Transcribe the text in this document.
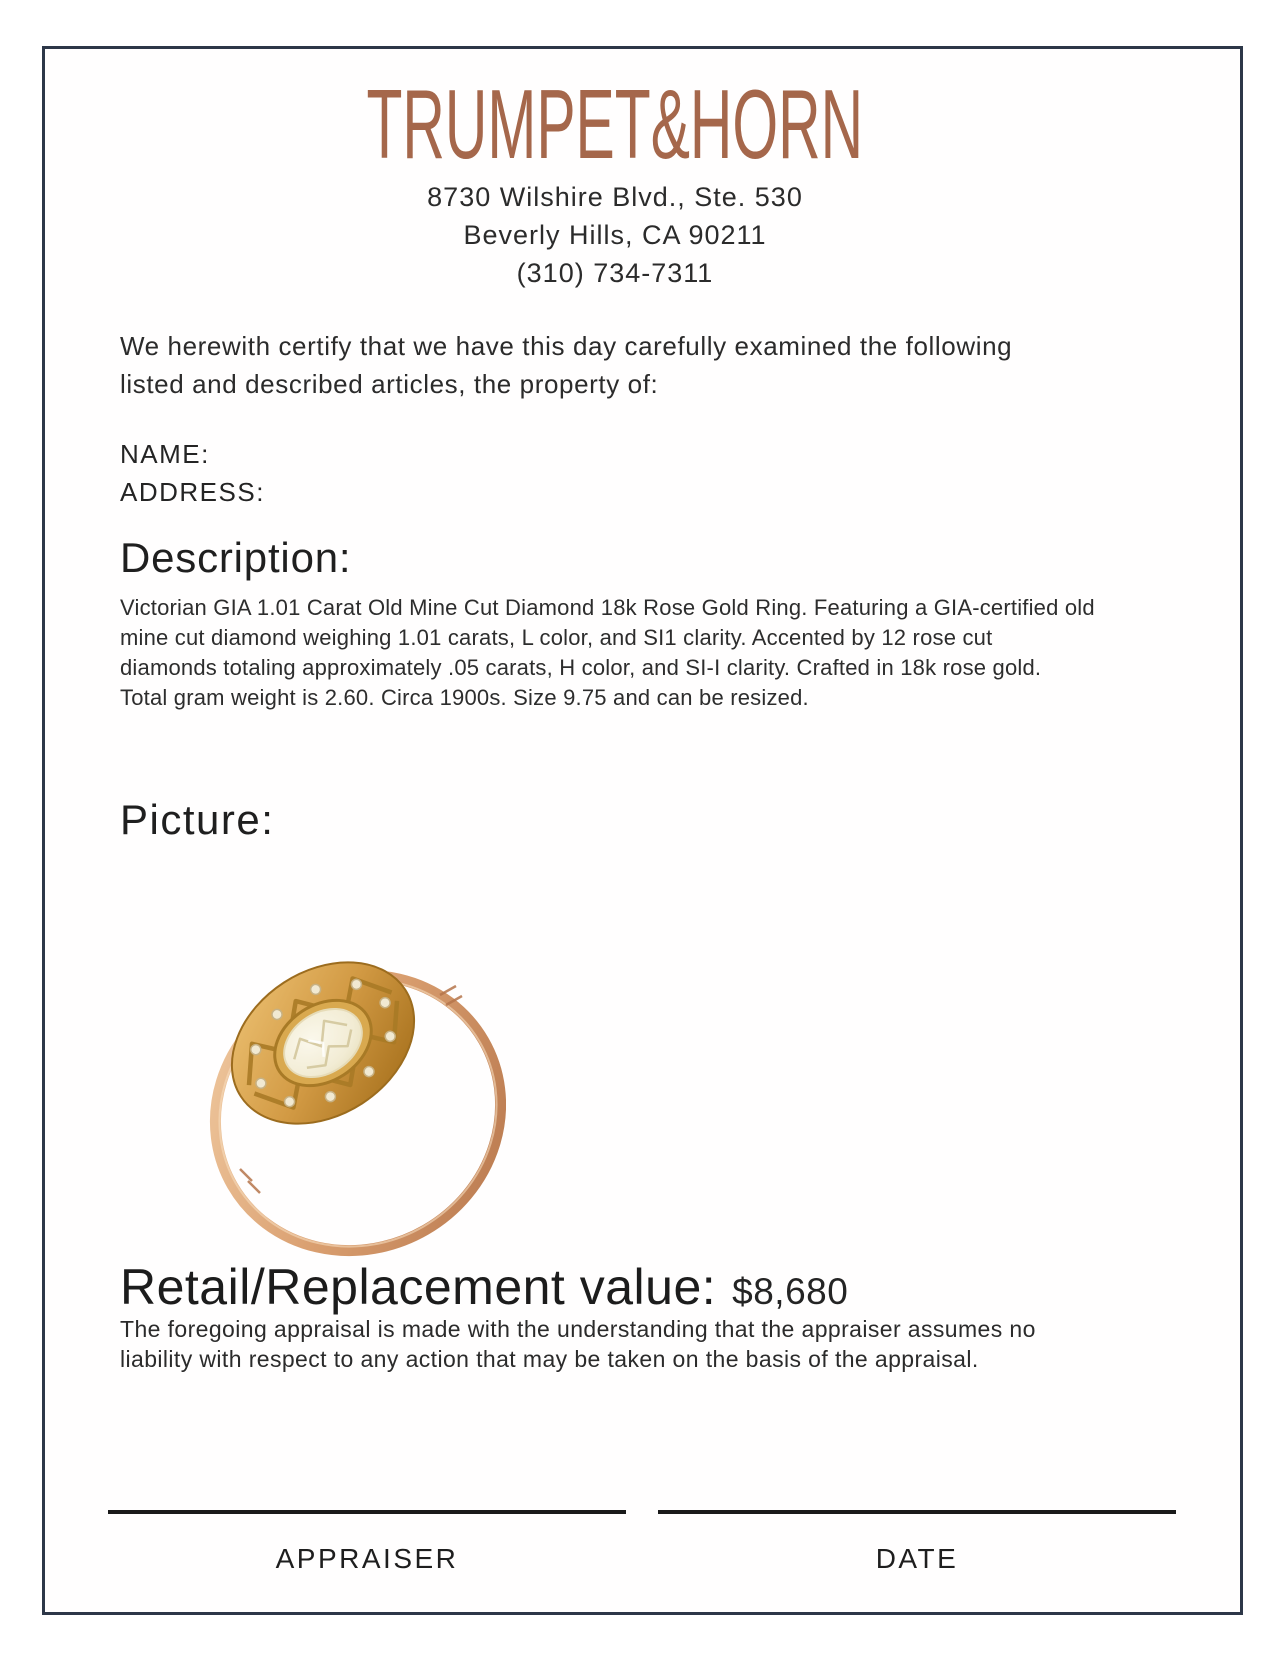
TRUMPET&HORN
8730 Wilshire Blvd., Ste. 530
Beverly Hills, CA 90211
(310) 734-7311
We herewith certify that we have this day carefully examined the following
listed and described articles, the property of:
NAME:
ADDRESS:
Description:
Victorian GIA 1.01 Carat Old Mine Cut Diamond 18k Rose Gold Ring. Featuring a GIA-certified old
mine cut diamond weighing 1.01 carats, L color, and SI1 clarity. Accented by 12 rose cut
diamonds totaling approximately .05 carats, H color, and SI-I clarity. Crafted in 18k rose gold.
Total gram weight is 2.60. Circa 1900s. Size 9.75 and can be resized.
Picture:
Retail/Replacement value: $8,680
The foregoing appraisal is made with the understanding that the appraiser assumes no
liability with respect to any action that may be taken on the basis of the appraisal.
APPRAISER	DATE
